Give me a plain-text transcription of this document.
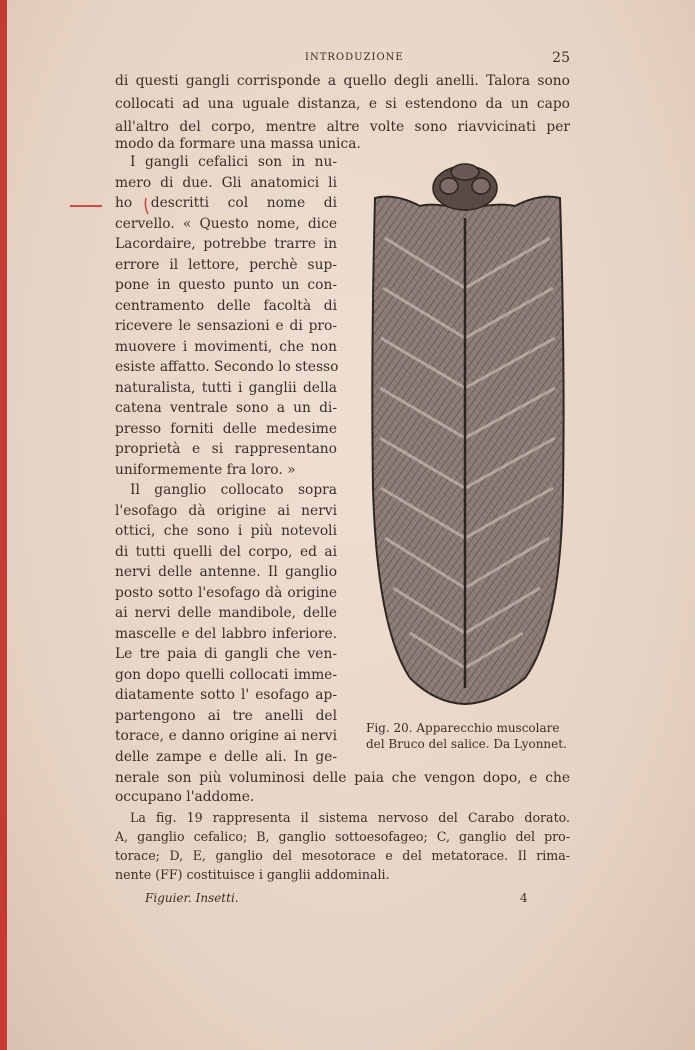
INTRODUZIONE	25
di questi gangli corrisponde a quello degli anelli. Talora sono
collocati ad una uguale distanza, e si estendono da un capo
all'altro del corpo, mentre altre volte sono riavvicinati per
modo da formare una massa unica.
I gangli cefalici son in nu-
mero di due. Gli anatomici li
ho descritti col nome di
cervello. « Questo nome, dice
Lacordaire, potrebbe trarre in
errore il lettore, perchè sup-
pone in questo punto un con-
centramento delle facoltà di
ricevere le sensazioni e di pro-
muovere i movimenti, che non
esiste affatto. Secondo lo stesso
naturalista, tutti i ganglii della
catena ventrale sono a un di-
presso forniti delle medesime
proprietà e si rappresentano
uniformemente fra loro. »
Il ganglio collocato sopra
l'esofago dà origine ai nervi
ottici, che sono i più notevoli
di tutti quelli del corpo, ed ai
nervi delle antenne. Il ganglio
posto sotto l'esofago dà origine
ai nervi delle mandibole, delle
mascelle e del labbro inferiore.
Le tre paia di gangli che ven-
gon dopo quelli collocati imme-
diatamente sotto l' esofago ap-
partengono ai tre anelli del
torace, e danno origine ai nervi
delle zampe e delle ali. In ge-
Fig. 20. Apparecchio muscolare
del Bruco del salice. Da Lyonnet.
nerale son più voluminosi delle paia che vengon dopo, e che
occupano l'addome.
La fig. 19 rappresenta il sistema nervoso del Carabo dorato.
A, ganglio cefalico; B, ganglio sottoesofageo; C, ganglio del pro-
torace; D, E, ganglio del mesotorace e del metatorace. Il rima-
nente (FF) costituisce i ganglii addominali.
Figuier. Insetti.	4
